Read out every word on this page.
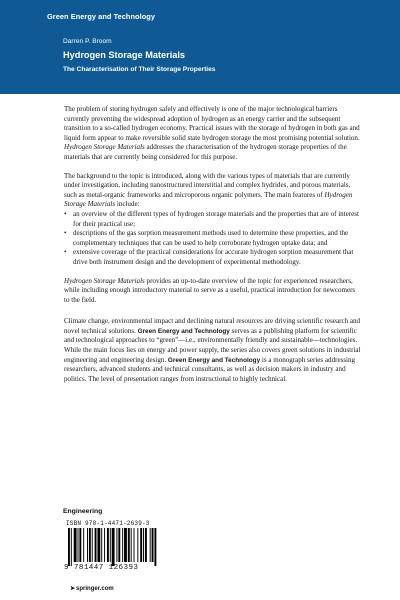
Green Energy and Technology
Darren P. Broom
Hydrogen Storage Materials
The Characterisation of Their Storage Properties

The problem of storing hydrogen safely and effectively is one of the major technological barriers currently preventing the widespread adoption of hydrogen as an energy carrier and the subsequent transition to a so-called hydrogen economy. Practical issues with the storage of hydrogen in both gas and liquid form appear to make reversible solid state hydrogen storage the most promising potential solution. Hydrogen Storage Materials addresses the characterisation of the hydrogen storage properties of the materials that are currently being considered for this purpose.

The background to the topic is introduced, along with the various types of materials that are currently under investigation, including nanostructured interstitial and complex hydrides, and porous materials, such as metal-organic frameworks and microporous organic polymers. The main features of Hydrogen Storage Materials include:

• an overview of the different types of hydrogen storage materials and the properties that are of interest for their practical use;
• descriptions of the gas sorption measurement methods used to determine these properties, and the complementary techniques that can be used to help corroborate hydrogen uptake data; and
• extensive coverage of the practical considerations for accurate hydrogen sorption measurement that drive both instrument design and the development of experimental methodology.

Hydrogen Storage Materials provides an up-to-date overview of the topic for experienced researchers, while including enough introductory material to serve as a useful, practical introduction for newcomers to the field.

Climate change, environmental impact and declining natural resources are driving scientific research and novel technical solutions. Green Energy and Technology serves as a publishing platform for scientific and technological approaches to “green”—i.e., environmentally friendly and sustainable—technologies. While the main focus lies on energy and power supply, the series also covers green solutions in industrial engineering and engineering design. Green Energy and Technology is a monograph series addressing researchers, advanced students and technical consultants, as well as decision makers in industry and politics. The level of presentation ranges from instructional to highly technical.

Engineering
ISBN 978-1-4471-2639-3
9 781447 126393
➤springer.com
